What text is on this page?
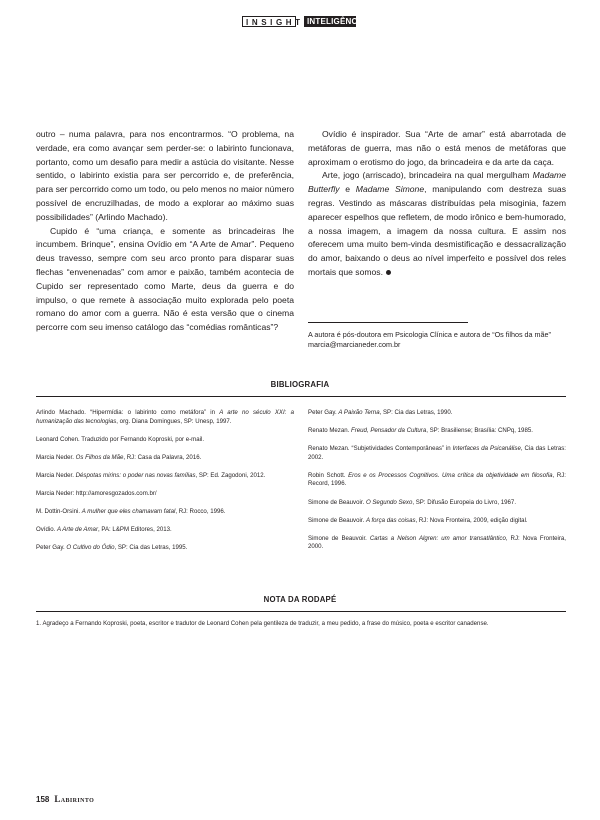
INSIGHT INTELIGÊNCIA

outro – numa palavra, para nos encontrarmos. “O problema, na verdade, era como avançar sem perder-se: o labirinto funcionava, portanto, como um desafio para medir a astúcia do visitante. Nesse sentido, o labirinto existia para ser percorrido e, de preferência, para ser percorrido como um todo, ou pelo menos no maior número possível de encruzilhadas, de modo a explorar ao máximo suas possibilidades” (Arlindo Machado).

Cupido é “uma criança, e somente as brincadeiras lhe incumbem. Brinque”, ensina Ovídio em “A Arte de Amar”. Pequeno deus travesso, sempre com seu arco pronto para disparar suas flechas “envenenadas” com amor e paixão, também acontecia de Cupido ser representado como Marte, deus da guerra e do impulso, o que remete à associação muito explorada pelo poeta romano do amor com a guerra. Não é esta versão que o cinema percorre com seu imenso catálogo das “comédias românticas”?

Ovídio é inspirador. Sua “Arte de amar” está abarrotada de metáforas de guerra, mas não o está menos de metáforas que aproximam o erotismo do jogo, da brincadeira e da arte da caça.

Arte, jogo (arriscado), brincadeira na qual mergulham Madame Butterfly e Madame Simone, manipulando com destreza suas regras. Vestindo as máscaras distribuídas pela misoginia, fazem aparecer espelhos que refletem, de modo irônico e bem-humorado, a nossa imagem, a imagem da nossa cultura. E assim nos oferecem uma muito bem-vinda desmistificação e dessacralização do amor, baixando o deus ao nível imperfeito e possível dos reles mortais que somos.

A autora é pós-doutora em Psicologia Clínica e autora de “Os filhos da mãe”
marcia@marcianeder.com.br
BIBLIOGRAFIA

Arlindo Machado. “Hipermídia: o labirinto como metáfora” in A arte no século XXI: a humanização das tecnologias, org. Diana Domingues, SP: Unesp, 1997.

Leonard Cohen. Traduzido por Fernando Koproski, por e-mail.

Marcia Neder. Os Filhos da Mãe, RJ: Casa da Palavra, 2016.

Marcia Neder. Déspotas mirins: o poder nas novas famílias, SP: Ed. Zagodoni, 2012.

Marcia Neder: http://amoresgozados.com.br/

M. Dottin-Orsini. A mulher que eles chamavam fatal, RJ: Rocco, 1996.

Ovídio. A Arte de Amar, PA: L&PM Editores, 2013.

Peter Gay. O Cultivo do Ódio, SP: Cia das Letras, 1995.

Peter Gay. A Paixão Terna, SP: Cia das Letras, 1990.

Renato Mezan. Freud, Pensador da Cultura, SP: Brasiliense; Brasília: CNPq, 1985.

Renato Mezan. “Subjetividades Contemporâneas” in Interfaces da Psicanálise, Cia das Letras: 2002.

Robin Schott. Eros e os Processos Cognitivos. Uma crítica da objetividade em filosofia, RJ: Record, 1996.

Simone de Beauvoir. O Segundo Sexo, SP: Difusão Europeia do Livro, 1967.

Simone de Beauvoir. A força das coisas, RJ: Nova Fronteira, 2009, edição digital.

Simone de Beauvoir. Cartas a Nelson Algren: um amor transatlântico, RJ: Nova Fronteira, 2000.

NOTA DA RODAPÉ
1. Agradeço a Fernando Koproski, poeta, escritor e tradutor de Leonard Cohen pela gentileza de traduzir, a meu pedido, a frase do músico, poeta e escritor canadense.
158 Labirinto
